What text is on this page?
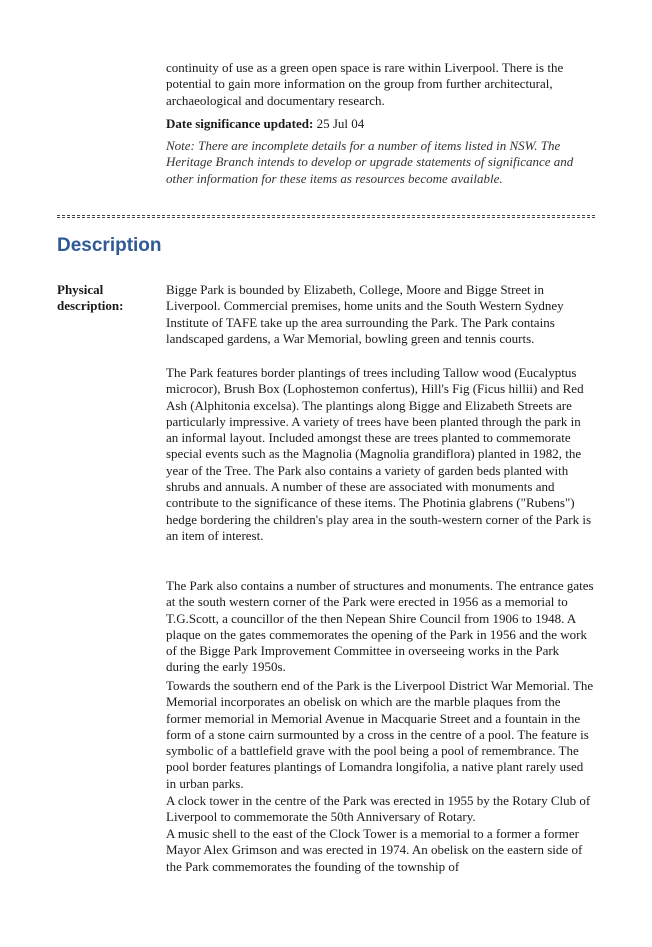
continuity of use as a green open space is rare within Liverpool. There is the potential to gain more information on the group from further architectural, archaeological and documentary research.

Date significance updated: 25 Jul 04

Note: There are incomplete details for a number of items listed in NSW. The Heritage Branch intends to develop or upgrade statements of significance and other information for these items as resources become available.

Description
Physical description:

Bigge Park is bounded by Elizabeth, College, Moore and Bigge Street in Liverpool. Commercial premises, home units and the South Western Sydney Institute of TAFE take up the area surrounding the Park. The Park contains landscaped gardens, a War Memorial, bowling green and tennis courts.

The Park features border plantings of trees including Tallow wood (Eucalyptus microcor), Brush Box (Lophostemon confertus), Hill's Fig (Ficus hillii) and Red Ash (Alphitonia excelsa). The plantings along Bigge and Elizabeth Streets are particularly impressive. A variety of trees have been planted through the park in an informal layout. Included amongst these are trees planted to commemorate special events such as the Magnolia (Magnolia grandiflora) planted in 1982, the year of the Tree. The Park also contains a variety of garden beds planted with shrubs and annuals. A number of these are associated with monuments and contribute to the significance of these items. The Photinia glabrens ("Rubens") hedge bordering the children's play area in the south-western corner of the Park is an item of interest.

The Park also contains a number of structures and monuments. The entrance gates at the south western corner of the Park were erected in 1956 as a memorial to T.G.Scott, a councillor of the then Nepean Shire Council from 1906 to 1948. A plaque on the gates commemorates the opening of the Park in 1956 and the work of the Bigge Park Improvement Committee in overseeing works in the Park during the early 1950s.

Towards the southern end of the Park is the Liverpool District War Memorial. The Memorial incorporates an obelisk on which are the marble plaques from the former memorial in Memorial Avenue in Macquarie Street and a fountain in the form of a stone cairn surmounted by a cross in the centre of a pool. The feature is symbolic of a battlefield grave with the pool being a pool of remembrance. The pool border features plantings of Lomandra longifolia, a native plant rarely used in urban parks.

A clock tower in the centre of the Park was erected in 1955 by the Rotary Club of Liverpool to commemorate the 50th Anniversary of Rotary.

A music shell to the east of the Clock Tower is a memorial to a former a former Mayor Alex Grimson and was erected in 1974. An obelisk on the eastern side of the Park commemorates the founding of the township of
